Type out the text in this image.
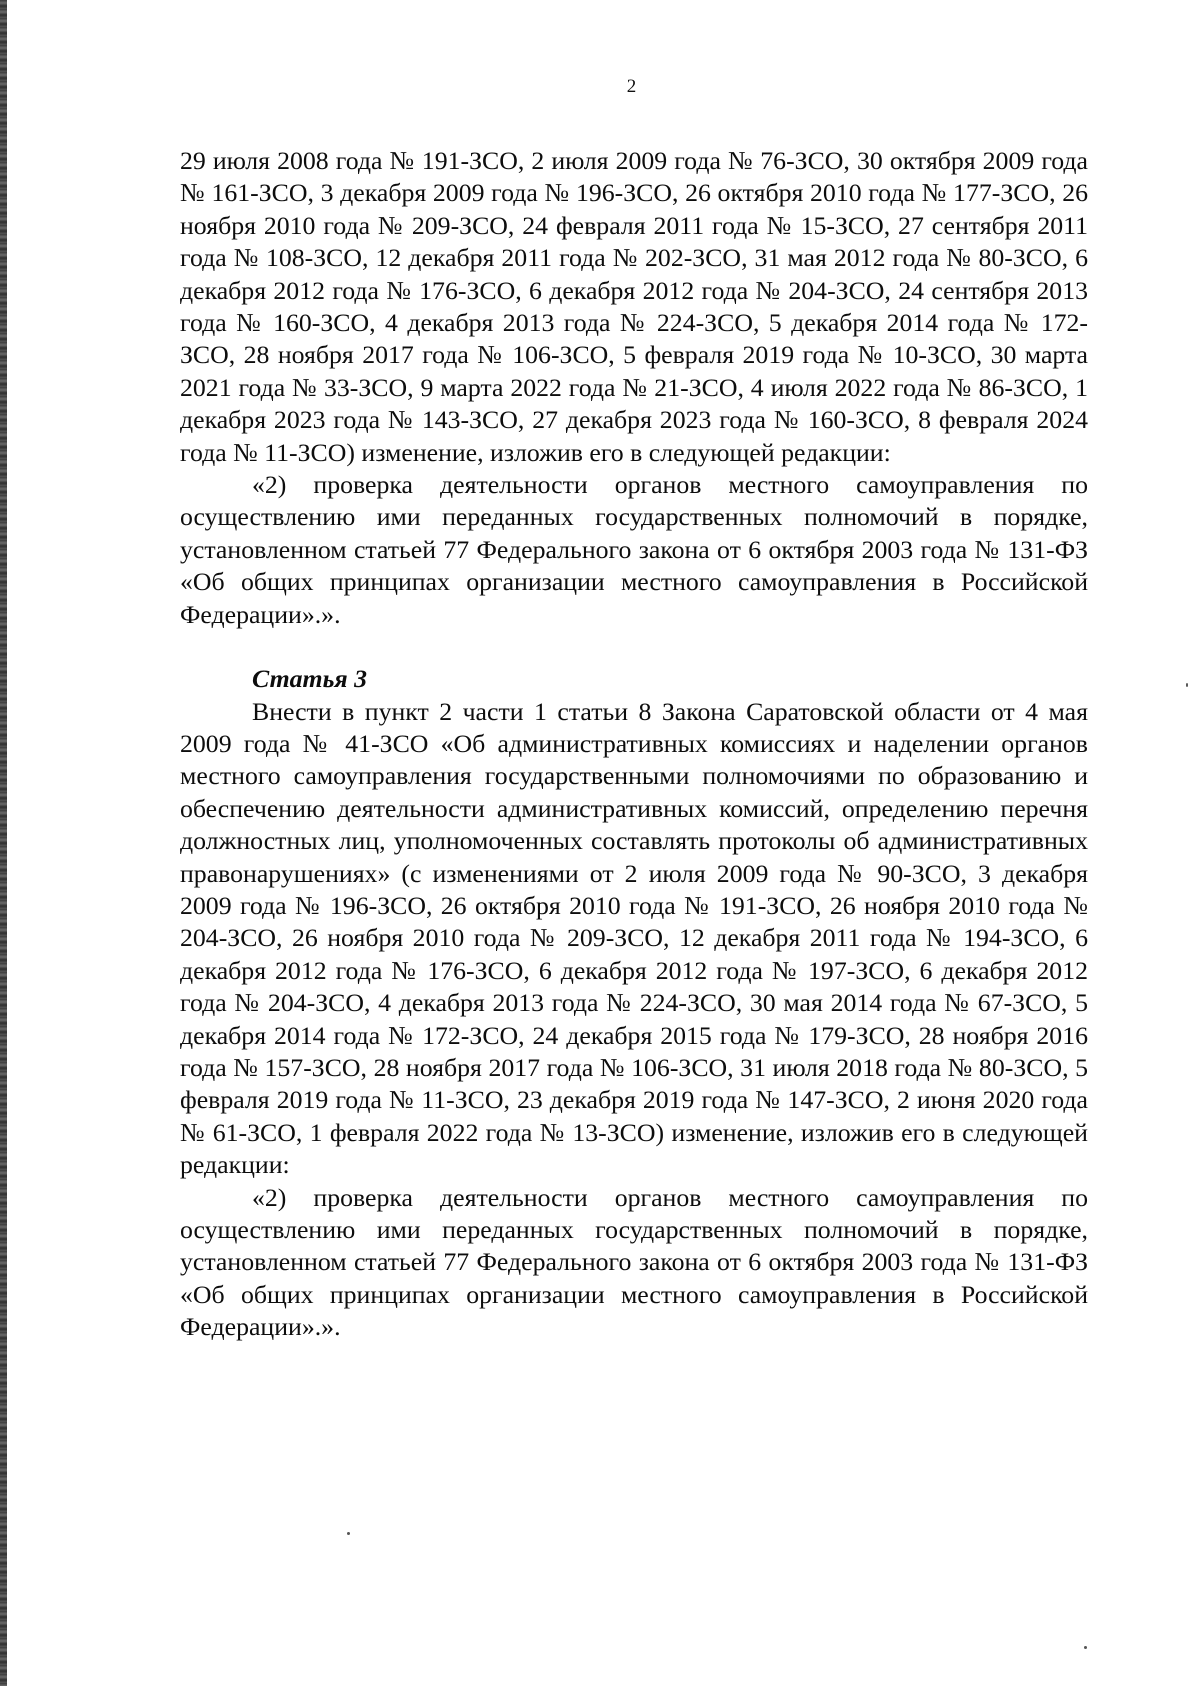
2

29 июля 2008 года № 191-ЗСО, 2 июля 2009 года № 76-ЗСО, 30 октября 2009 года № 161-ЗСО, 3 декабря 2009 года № 196-ЗСО, 26 октября 2010 года № 177-ЗСО, 26 ноября 2010 года № 209-ЗСО, 24 февраля 2011 года № 15-ЗСО, 27 сентября 2011 года № 108-ЗСО, 12 декабря 2011 года № 202-ЗСО, 31 мая 2012 года № 80-ЗСО, 6 декабря 2012 года № 176-ЗСО, 6 декабря 2012 года № 204-ЗСО, 24 сентября 2013 года № 160-ЗСО, 4 декабря 2013 года № 224-ЗСО, 5 декабря 2014 года № 172-ЗСО, 28 ноября 2017 года № 106-ЗСО, 5 февраля 2019 года № 10-ЗСО, 30 марта 2021 года № 33-ЗСО, 9 марта 2022 года № 21-ЗСО, 4 июля 2022 года № 86-ЗСО, 1 декабря 2023 года № 143-ЗСО, 27 декабря 2023 года № 160-ЗСО, 8 февраля 2024 года № 11-ЗСО) изменение, изложив его в следующей редакции:

«2) проверка деятельности органов местного самоуправления по осуществлению ими переданных государственных полномочий в порядке, установленном статьей 77 Федерального закона от 6 октября 2003 года № 131-ФЗ «Об общих принципах организации местного самоуправления в Российской Федерации».».

Статья 3

Внести в пункт 2 части 1 статьи 8 Закона Саратовской области от 4 мая 2009 года № 41-ЗСО «Об административных комиссиях и наделении органов местного самоуправления государственными полномочиями по образованию и обеспечению деятельности административных комиссий, определению перечня должностных лиц, уполномоченных составлять протоколы об административных правонарушениях» (с изменениями от 2 июля 2009 года № 90-ЗСО, 3 декабря 2009 года № 196-ЗСО, 26 октября 2010 года № 191-ЗСО, 26 ноября 2010 года № 204-ЗСО, 26 ноября 2010 года № 209-ЗСО, 12 декабря 2011 года № 194-ЗСО, 6 декабря 2012 года № 176-ЗСО, 6 декабря 2012 года № 197-ЗСО, 6 декабря 2012 года № 204-ЗСО, 4 декабря 2013 года № 224-ЗСО, 30 мая 2014 года № 67-ЗСО, 5 декабря 2014 года № 172-ЗСО, 24 декабря 2015 года № 179-ЗСО, 28 ноября 2016 года № 157-ЗСО, 28 ноября 2017 года № 106-ЗСО, 31 июля 2018 года № 80-ЗСО, 5 февраля 2019 года № 11-ЗСО, 23 декабря 2019 года № 147-ЗСО, 2 июня 2020 года № 61-ЗСО, 1 февраля 2022 года № 13-ЗСО) изменение, изложив его в следующей редакции:

«2) проверка деятельности органов местного самоуправления по осуществлению ими переданных государственных полномочий в порядке, установленном статьей 77 Федерального закона от 6 октября 2003 года № 131-ФЗ «Об общих принципах организации местного самоуправления в Российской Федерации».».
